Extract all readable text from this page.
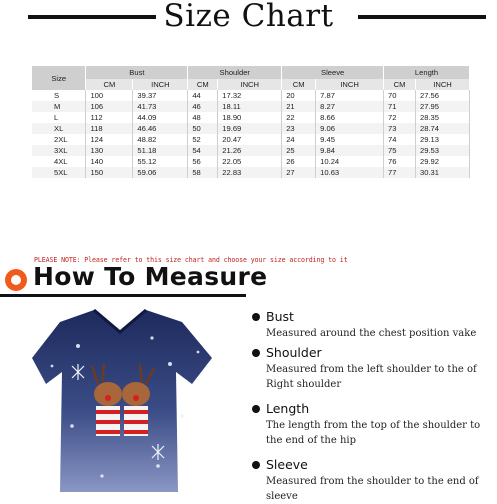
Size Chart
Size	Bust		Shoulder		Sleeve		Length	
	CM	INCH	CM	INCH	CM	INCH	CM	INCH
S	100	39.37	44	17.32	20	7.87	70	27.56
M	106	41.73	46	18.11	21	8.27	71	27.95
L	112	44.09	48	18.90	22	8.66	72	28.35
XL	118	46.46	50	19.69	23	9.06	73	28.74
2XL	124	48.82	52	20.47	24	9.45	74	29.13
3XL	130	51.18	54	21.26	25	9.84	75	29.53
4XL	140	55.12	56	22.05	26	10.24	76	29.92
5XL	150	59.06	58	22.83	27	10.63	77	30.31
PLEASE NOTE: Please refer to this size chart and choose your size according to it
How To Measure
Bust
Measured around the chest position vake
Shoulder
Measured from the left shoulder to the of Right shoulder
Length
The length from the top of the shoulder to the end of the hip
Sleeve
Measured from the shoulder to the end of sleeve
